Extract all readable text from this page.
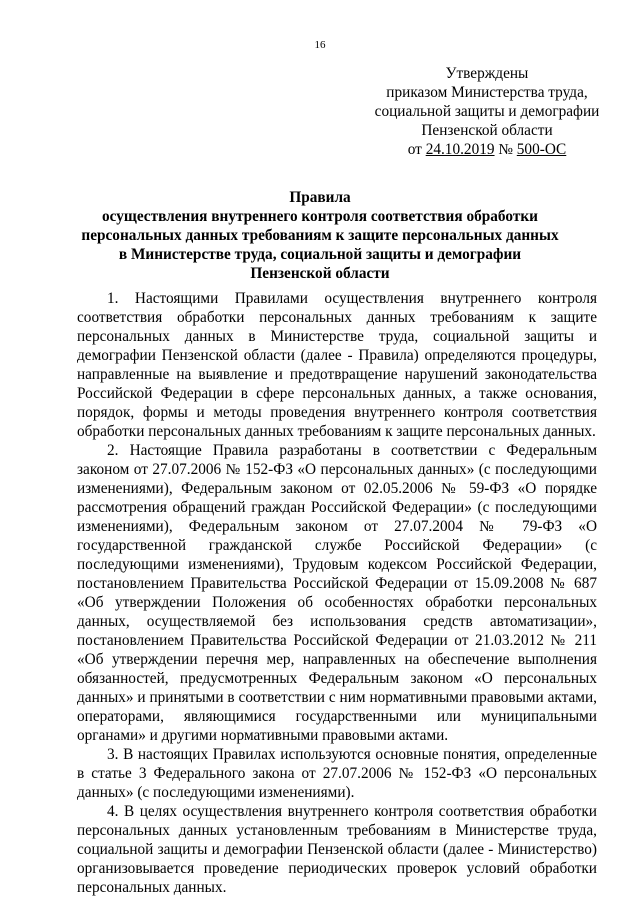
16
Утверждены
приказом Министерства труда,
социальной защиты и демографии
Пензенской области
от 24.10.2019 № 500-ОС
Правила
осуществления внутреннего контроля соответствия обработки
персональных данных требованиям к защите персональных данных
в Министерстве труда, социальной защиты и демографии
Пензенской области

1. Настоящими Правилами осуществления внутреннего контроля соответствия обработки персональных данных требованиям к защите персональных данных в Министерстве труда, социальной защиты и демографии Пензенской области (далее - Правила) определяются процедуры, направленные на выявление и предотвращение нарушений законодательства Российской Федерации в сфере персональных данных, а также основания, порядок, формы и методы проведения внутреннего контроля соответствия обработки персональных данных требованиям к защите персональных данных.

2. Настоящие Правила разработаны в соответствии с Федеральным законом от 27.07.2006 № 152-ФЗ «О персональных данных» (с последующими изменениями), Федеральным законом от 02.05.2006 № 59-ФЗ «О порядке рассмотрения обращений граждан Российской Федерации» (с последующими изменениями), Федеральным законом от 27.07.2004 № 79-ФЗ «О государственной гражданской службе Российской Федерации» (с последующими изменениями), Трудовым кодексом Российской Федерации, постановлением Правительства Российской Федерации от 15.09.2008 № 687 «Об утверждении Положения об особенностях обработки персональных данных, осуществляемой без использования средств автоматизации», постановлением Правительства Российской Федерации от 21.03.2012 № 211 «Об утверждении перечня мер, направленных на обеспечение выполнения обязанностей, предусмотренных Федеральным законом «О персональных данных» и принятыми в соответствии с ним нормативными правовыми актами, операторами, являющимися государственными или муниципальными органами» и другими нормативными правовыми актами.

3. В настоящих Правилах используются основные понятия, определенные в статье 3 Федерального закона от 27.07.2006 № 152-ФЗ «О персональных данных» (с последующими изменениями).

4. В целях осуществления внутреннего контроля соответствия обработки персональных данных установленным требованиям в Министерстве труда, социальной защиты и демографии Пензенской области (далее - Министерство) организовывается проведение периодических проверок условий обработки персональных данных.
